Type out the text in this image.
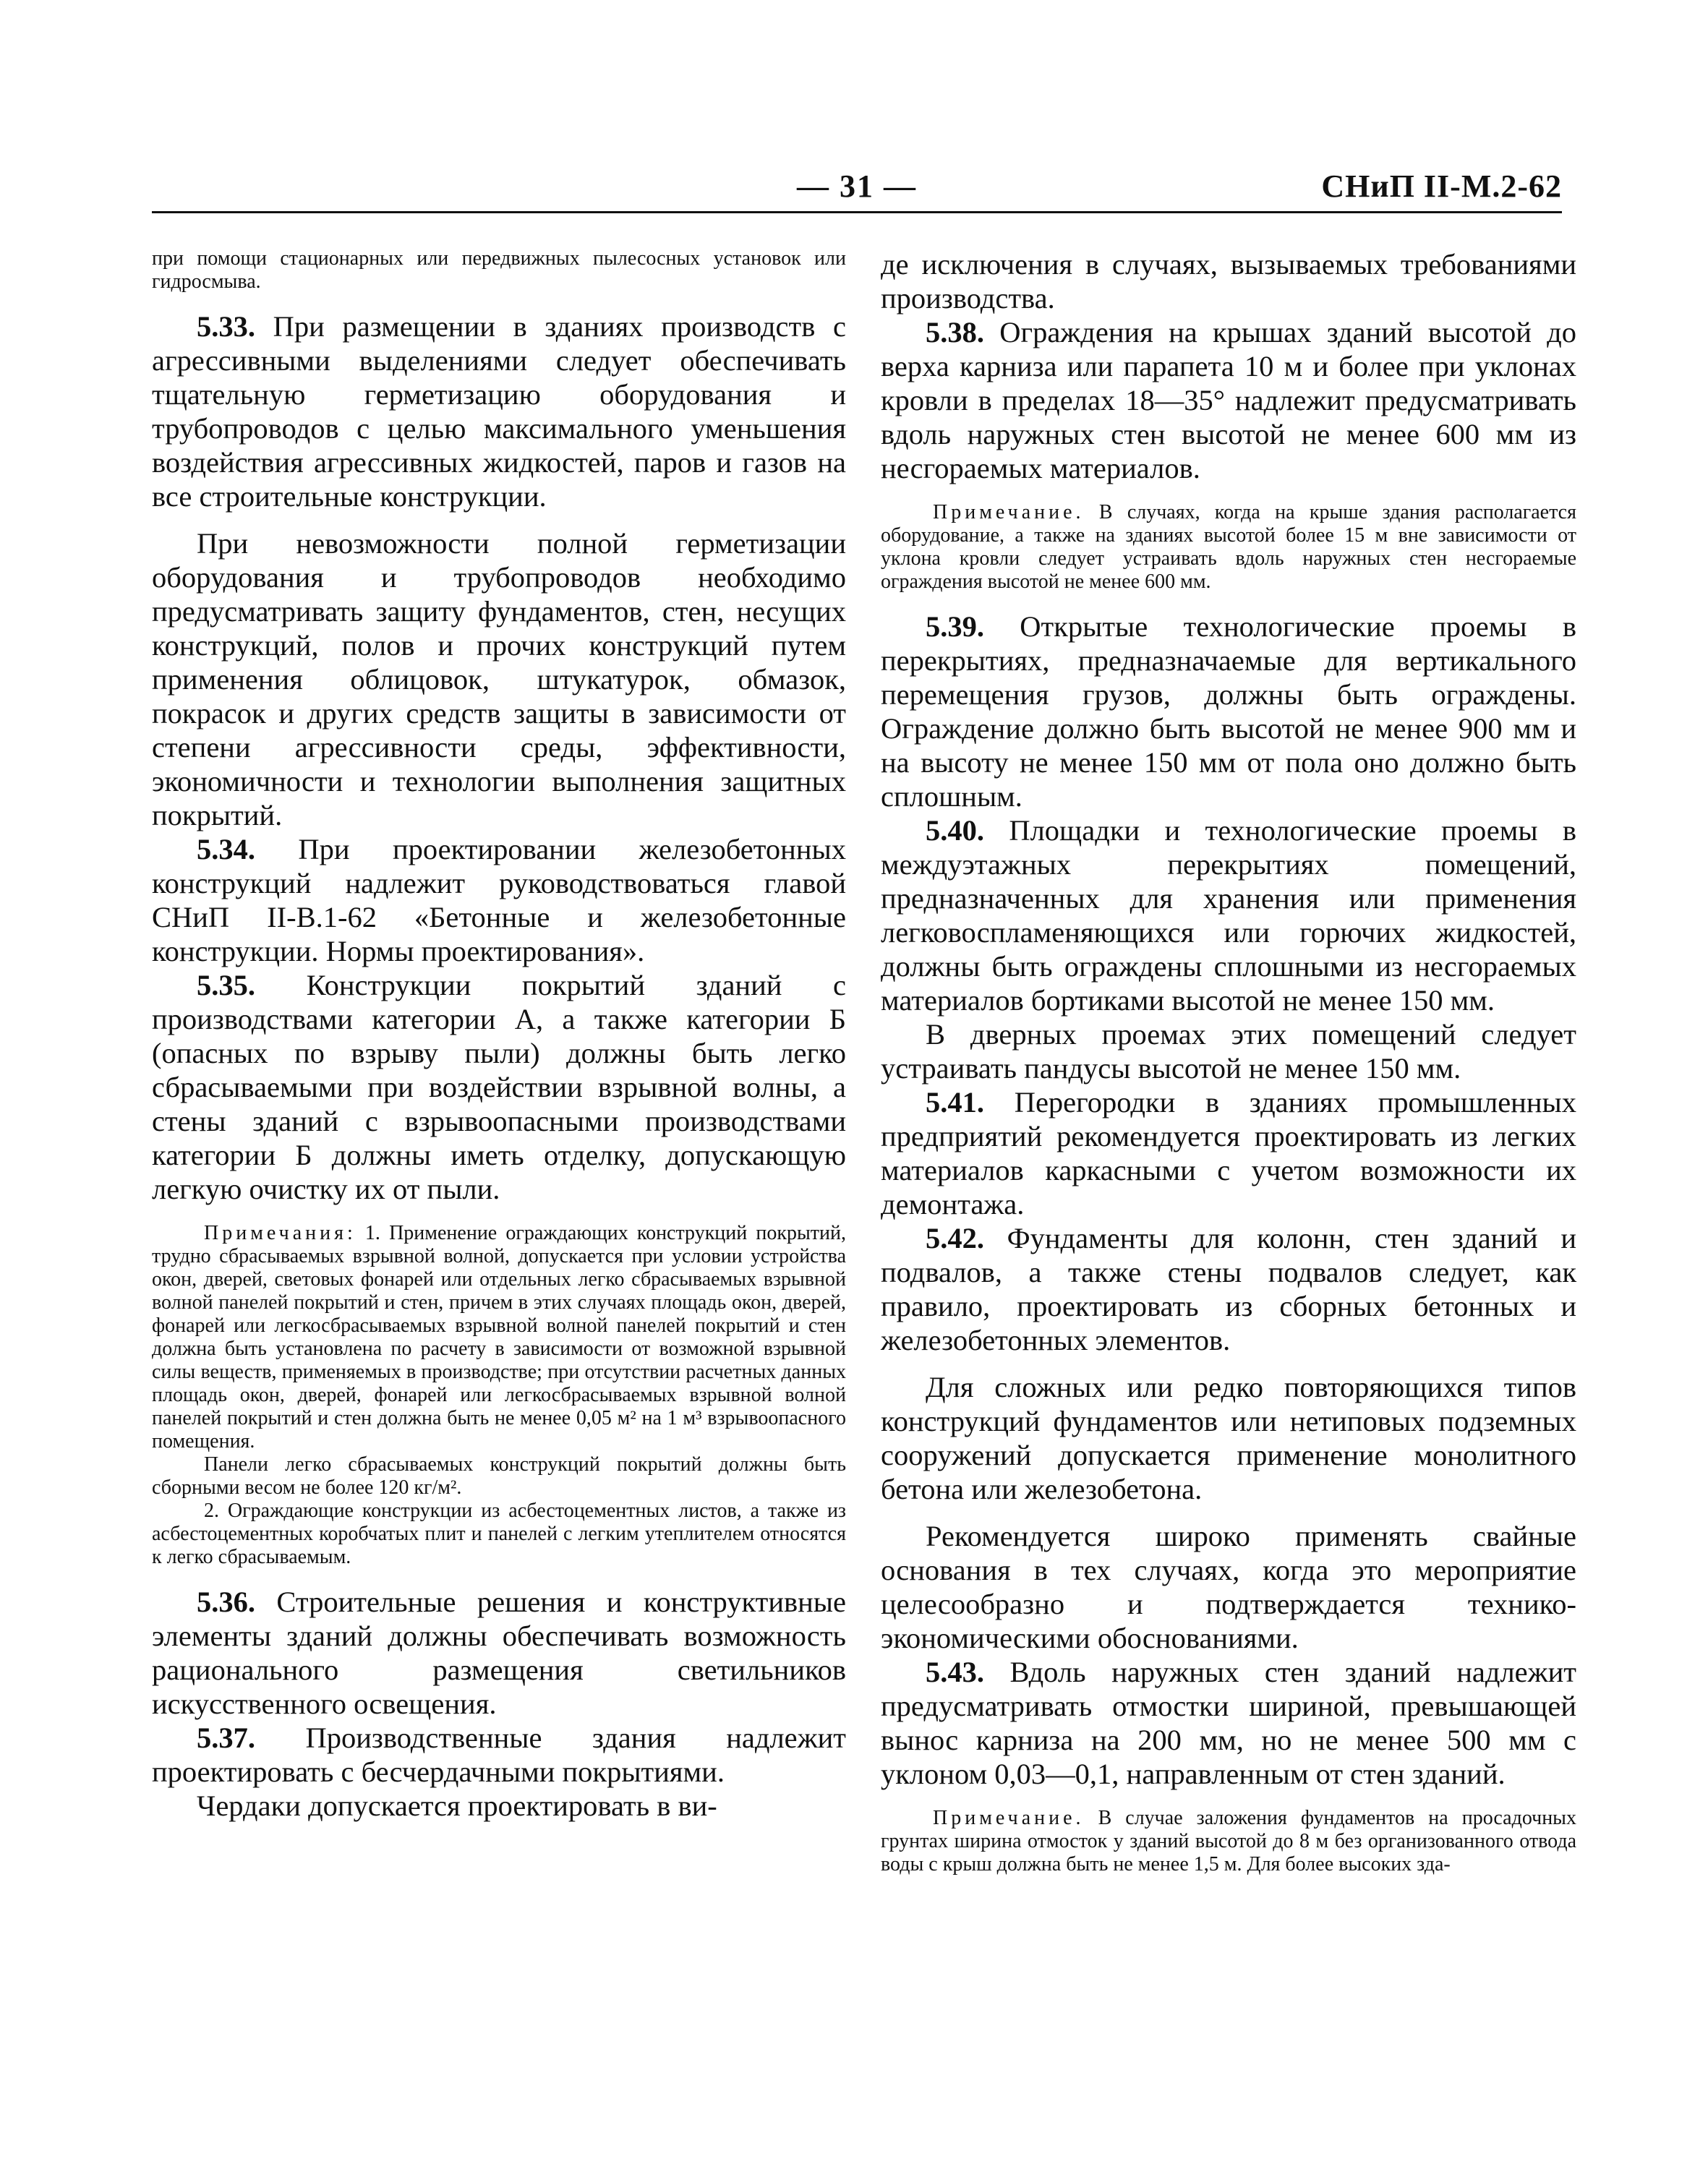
— 31 —	СНиП II-М.2-62

при помощи стационарных или передвижных пылесосных установок или гидросмыва.

5.33. При размещении в зданиях производств с агрессивными выделениями следует обеспечивать тщательную герметизацию оборудования и трубопроводов с целью максимального уменьшения воздействия агрессивных жидкостей, паров и газов на все строительные конструкции.

При невозможности полной герметизации оборудования и трубопроводов необходимо предусматривать защиту фундаментов, стен, несущих конструкций, полов и прочих конструкций путем применения облицовок, штукатурок, обмазок, покрасок и других средств защиты в зависимости от степени агрессивности среды, эффективности, экономичности и технологии выполнения защитных покрытий.

5.34. При проектировании железобетонных конструкций надлежит руководствоваться главой СНиП II-В.1-62 «Бетонные и железобетонные конструкции. Нормы проектирования».

5.35. Конструкции покрытий зданий с производствами категории А, а также категории Б (опасных по взрыву пыли) должны быть легко сбрасываемыми при воздействии взрывной волны, а стены зданий с взрывоопасными производствами категории Б должны иметь отделку, допускающую легкую очистку их от пыли.

Примечания: 1. Применение ограждающих конструкций покрытий, трудно сбрасываемых взрывной волной, допускается при условии устройства окон, дверей, световых фонарей или отдельных легко сбрасываемых взрывной волной панелей покрытий и стен, причем в этих случаях площадь окон, дверей, фонарей или легкосбрасываемых взрывной волной панелей покрытий и стен должна быть установлена по расчету в зависимости от возможной взрывной силы веществ, применяемых в производстве; при отсутствии расчетных данных площадь окон, дверей, фонарей или легкосбрасываемых взрывной волной панелей покрытий и стен должна быть не менее 0,05 м² на 1 м³ взрывоопасного помещения.

Панели легко сбрасываемых конструкций покрытий должны быть сборными весом не более 120 кг/м².

2. Ограждающие конструкции из асбестоцементных листов, а также из асбестоцементных коробчатых плит и панелей с легким утеплителем относятся к легко сбрасываемым.

5.36. Строительные решения и конструктивные элементы зданий должны обеспечивать возможность рационального размещения светильников искусственного освещения.

5.37. Производственные здания надлежит проектировать с бесчердачными покрытиями.

Чердаки допускается проектировать в ви-

де исключения в случаях, вызываемых требованиями производства.

5.38. Ограждения на крышах зданий высотой до верха карниза или парапета 10 м и более при уклонах кровли в пределах 18—35° надлежит предусматривать вдоль наружных стен высотой не менее 600 мм из несгораемых материалов.

Примечание. В случаях, когда на крыше здания располагается оборудование, а также на зданиях высотой более 15 м вне зависимости от уклона кровли следует устраивать вдоль наружных стен несгораемые ограждения высотой не менее 600 мм.

5.39. Открытые технологические проемы в перекрытиях, предназначаемые для вертикального перемещения грузов, должны быть ограждены. Ограждение должно быть высотой не менее 900 мм и на высоту не менее 150 мм от пола оно должно быть сплошным.

5.40. Площадки и технологические проемы в междуэтажных перекрытиях помещений, предназначенных для хранения или применения легковоспламеняющихся или горючих жидкостей, должны быть ограждены сплошными из несгораемых материалов бортиками высотой не менее 150 мм.

В дверных проемах этих помещений следует устраивать пандусы высотой не менее 150 мм.

5.41. Перегородки в зданиях промышленных предприятий рекомендуется проектировать из легких материалов каркасными с учетом возможности их демонтажа.

5.42. Фундаменты для колонн, стен зданий и подвалов, а также стены подвалов следует, как правило, проектировать из сборных бетонных и железобетонных элементов.

Для сложных или редко повторяющихся типов конструкций фундаментов или нетиповых подземных сооружений допускается применение монолитного бетона или железобетона.

Рекомендуется широко применять свайные основания в тех случаях, когда это мероприятие целесообразно и подтверждается технико-экономическими обоснованиями.

5.43. Вдоль наружных стен зданий надлежит предусматривать отмостки шириной, превышающей вынос карниза на 200 мм, но не менее 500 мм с уклоном 0,03—0,1, направленным от стен зданий.

Примечание. В случае заложения фундаментов на просадочных грунтах ширина отмосток у зданий высотой до 8 м без организованного отвода воды с крыш должна быть не менее 1,5 м. Для более высоких зда-
